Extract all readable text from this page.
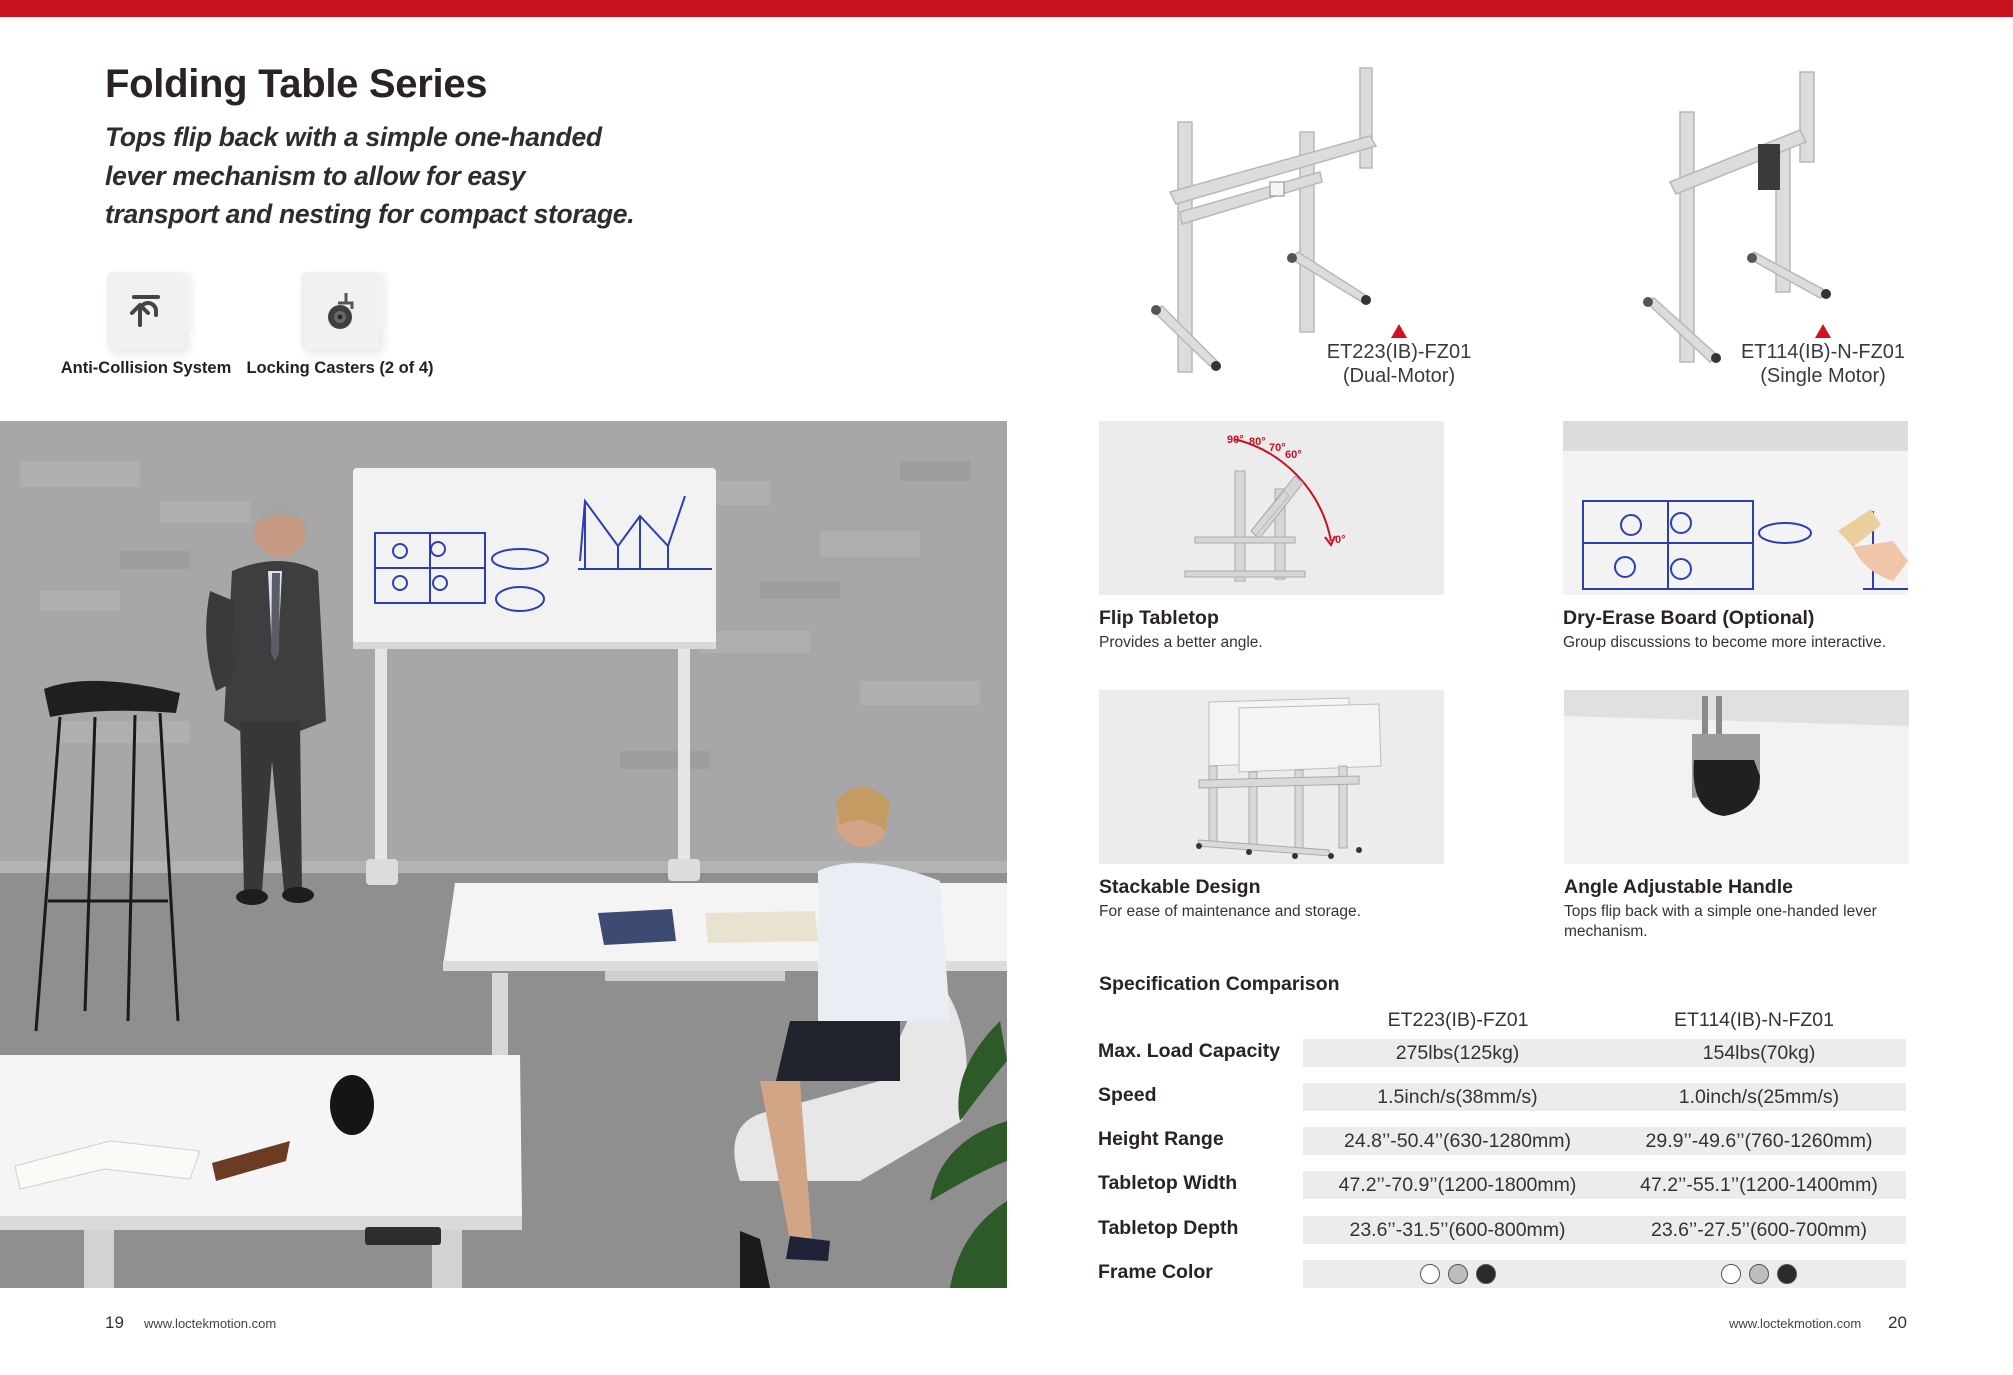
Folding Table Series
Tops flip back with a simple one-handed lever mechanism to allow for easy transport and nesting for compact storage.
Anti-Collision System Locking Casters (2 of 4)
19 www.loctekmotion.com
ET223(IB)-FZ01
(Dual-Motor)
ET114(IB)-N-FZ01
(Single Motor)
90° 80° 70°
60°
0°
Flip Tabletop
Provides a better angle.
Dry-Erase Board (Optional)
Group discussions to become more interactive.
Stackable Design
For ease of maintenance and storage.
Angle Adjustable Handle
Tops flip back with a simple one-handed lever mechanism.
Specification Comparison
ET223(IB)-FZ01	ET114(IB)-N-FZ01
Max. Load Capacity	275lbs(125kg)	154lbs(70kg)
Speed	1.5inch/s(38mm/s)	1.0inch/s(25mm/s)
Height Range	24.8’’-50.4’’(630-1280mm)	29.9’’-49.6’’(760-1260mm)
Tabletop Width	47.2’’-70.9’’(1200-1800mm)	47.2’’-55.1’’(1200-1400mm)
Tabletop Depth	23.6’’-31.5’’(600-800mm)	23.6’’-27.5’’(600-700mm)
Frame Color
www.loctekmotion.com 20
